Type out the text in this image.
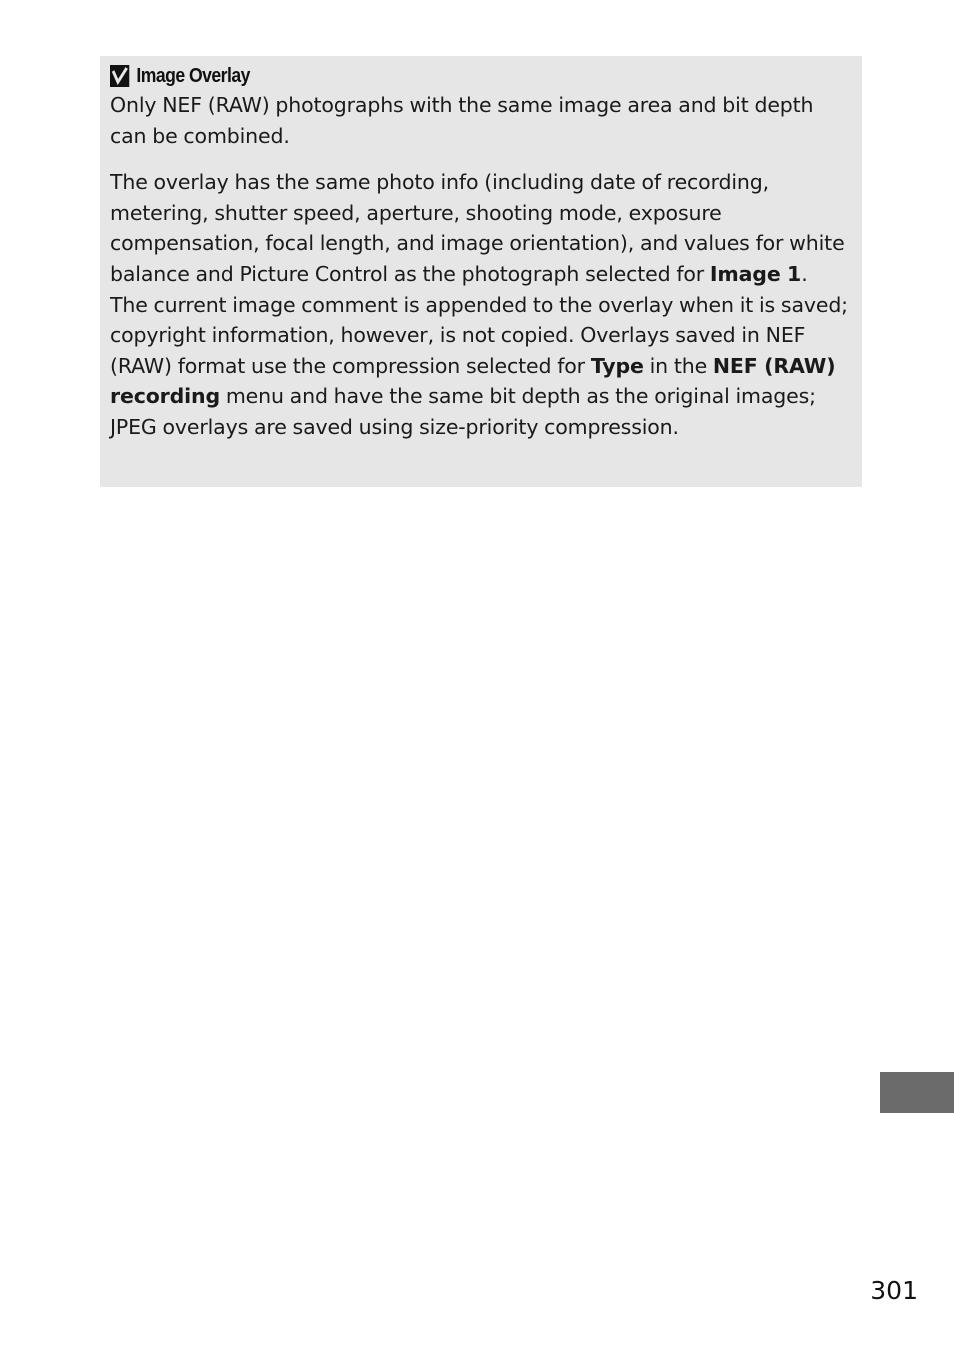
Image Overlay

Only NEF (RAW) photographs with the same image area and bit depth can be combined.

The overlay has the same photo info (including date of recording, metering, shutter speed, aperture, shooting mode, exposure compensation, focal length, and image orientation), and values for white balance and Picture Control as the photograph selected for Image 1. The current image comment is appended to the overlay when it is saved; copyright information, however, is not copied. Overlays saved in NEF (RAW) format use the compression selected for Type in the NEF (RAW) recording menu and have the same bit depth as the original images; JPEG overlays are saved using size-priority compression.

301
